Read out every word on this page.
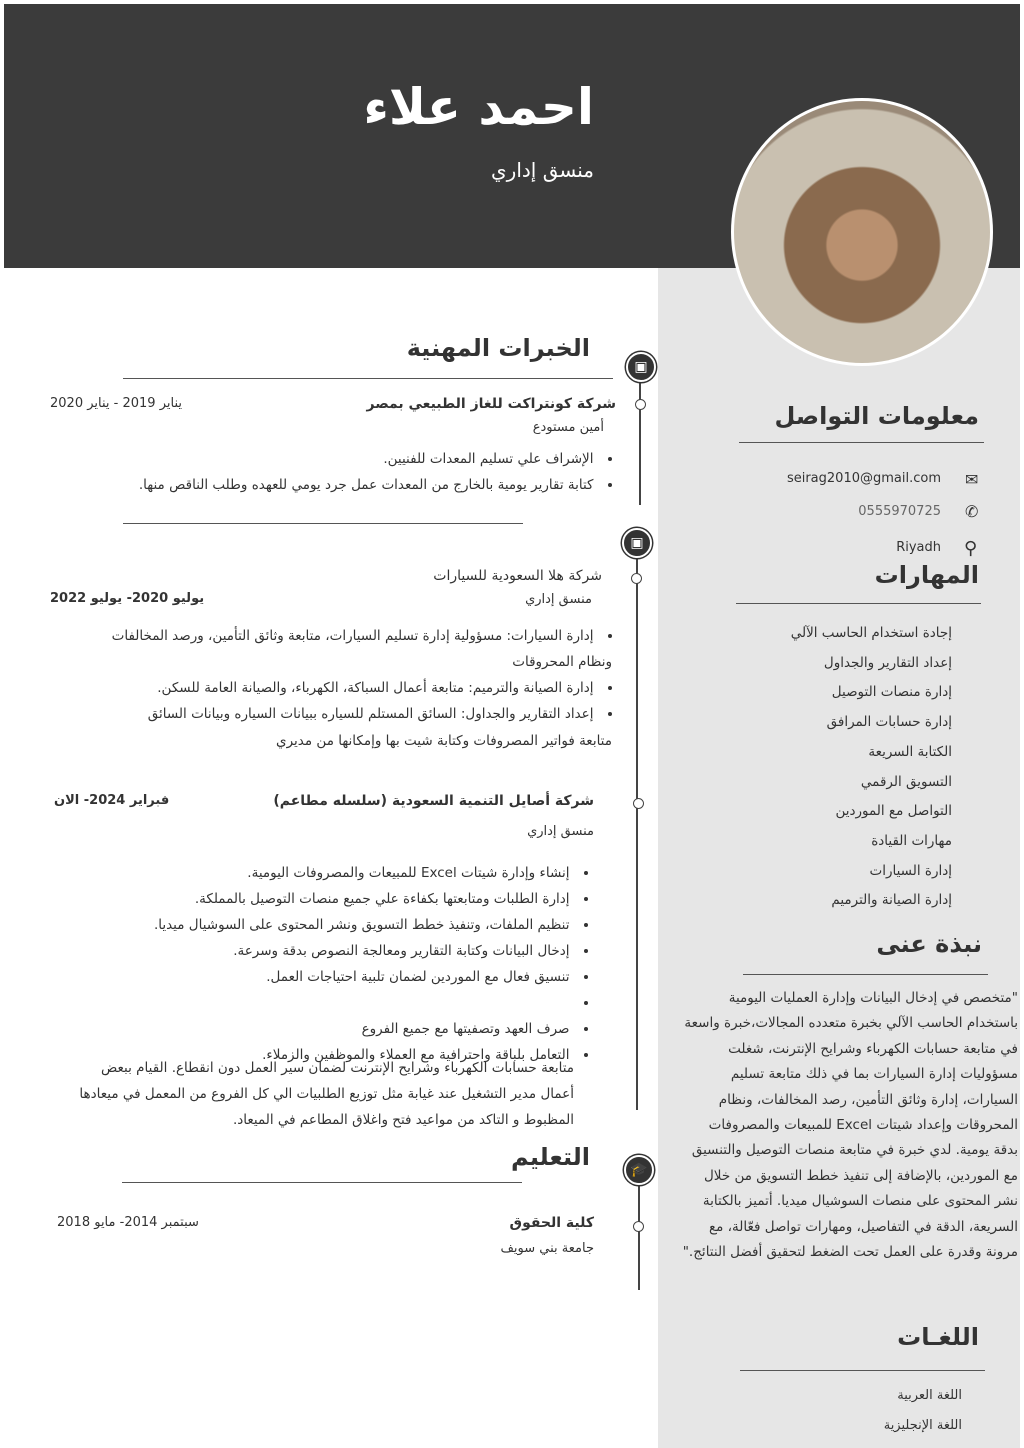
احمد علاء
منسق إداري
▣
▣
🎓
الخبرات المهنية
شركة كونتراكت للغاز الطبيعي بمصر
يناير 2019 - يناير 2020
أمين مستودع
• الإشراف علي تسليم المعدات للفنيين.
• كتابة تقارير يومية بالخارج من المعدات عمل جرد يومي للعهده وطلب الناقص منها.
شركة هلا السعودية للسيارات
يوليو 2020- يوليو 2022	منسق إداري
• إدارة السيارات: مسؤولية إدارة تسليم السيارات، متابعة وثائق التأمين، ورصد المخالفات ونظام المحروقات
• إدارة الصيانة والترميم: متابعة أعمال السباكة، الكهرباء، والصيانة العامة للسكن.
• إعداد التقارير والجداول: السائق المستلم للسياره ببيانات السياره وبيانات السائق
متابعة فواتير المصروفات وكتابة شيت بها وإمكانها من مديري
شركة أصايل التنمية السعودية (سلسله مطاعم)
فبراير 2024- الان
منسق إداري
• إنشاء وإدارة شيتات Excel للمبيعات والمصروفات اليومية.
• إدارة الطلبات ومتابعتها بكفاءة علي جميع منصات التوصيل بالمملكة.
• تنظيم الملفات، وتنفيذ خطط التسويق ونشر المحتوى على السوشيال ميديا.
• إدخال البيانات وكتابة التقارير ومعالجة النصوص بدقة وسرعة.
• تنسيق فعال مع الموردين لضمان تلبية احتياجات العمل.
•
• صرف العهد وتصفيتها مع جميع الفروع
• التعامل بلباقة واحترافية مع العملاء والموظفين والزملاء.
متابعة حسابات الكهرباء وشرايح الإنترنت لضمان سير العمل دون انقطاع. القيام ببعض أعمال مدير التشغيل عند غيابة مثل توزيع الطلبيات الي كل الفروع من المعمل في ميعادها المظبوط و التاكد من مواعيد فتح واغلاق المطاعم في الميعاد.
التعليم
كلية الحقوق
سبتمبر 2014- مايو 2018
جامعة بني سويف
معلومات التواصل
seirag2010@gmail.com ✉
0555970725 ✆
Riyadh ⚲
المهارات
إجادة استخدام الحاسب الآلي
إعداد التقارير والجداول
إدارة منصات التوصيل
إدارة حسابات المرافق
الكتابة السريعة
التسويق الرقمي
التواصل مع الموردين
مهارات القيادة
إدارة السيارات
إدارة الصيانة والترميم
نبذة عنى
"متخصص في إدخال البيانات وإدارة العمليات اليومية باستخدام الحاسب الآلي بخبرة متعدده المجالات،خبرة واسعة في متابعة حسابات الكهرباء وشرايح الإنترنت، شغلت مسؤوليات إدارة السيارات بما في ذلك متابعة تسليم السيارات، إدارة وثائق التأمين، رصد المخالفات، ونظام المحروقات وإعداد شيتات Excel للمبيعات والمصروفات بدقة يومية. لدي خبرة في متابعة منصات التوصيل والتنسيق مع الموردين، بالإضافة إلى تنفيذ خطط التسويق من خلال نشر المحتوى على منصات السوشيال ميديا. أتميز بالكتابة السريعة، الدقة في التفاصيل، ومهارات تواصل فعّالة، مع مرونة وقدرة على العمل تحت الضغط لتحقيق أفضل النتائج."
اللغـات
اللغة العربية
اللغة الإنجليزية
